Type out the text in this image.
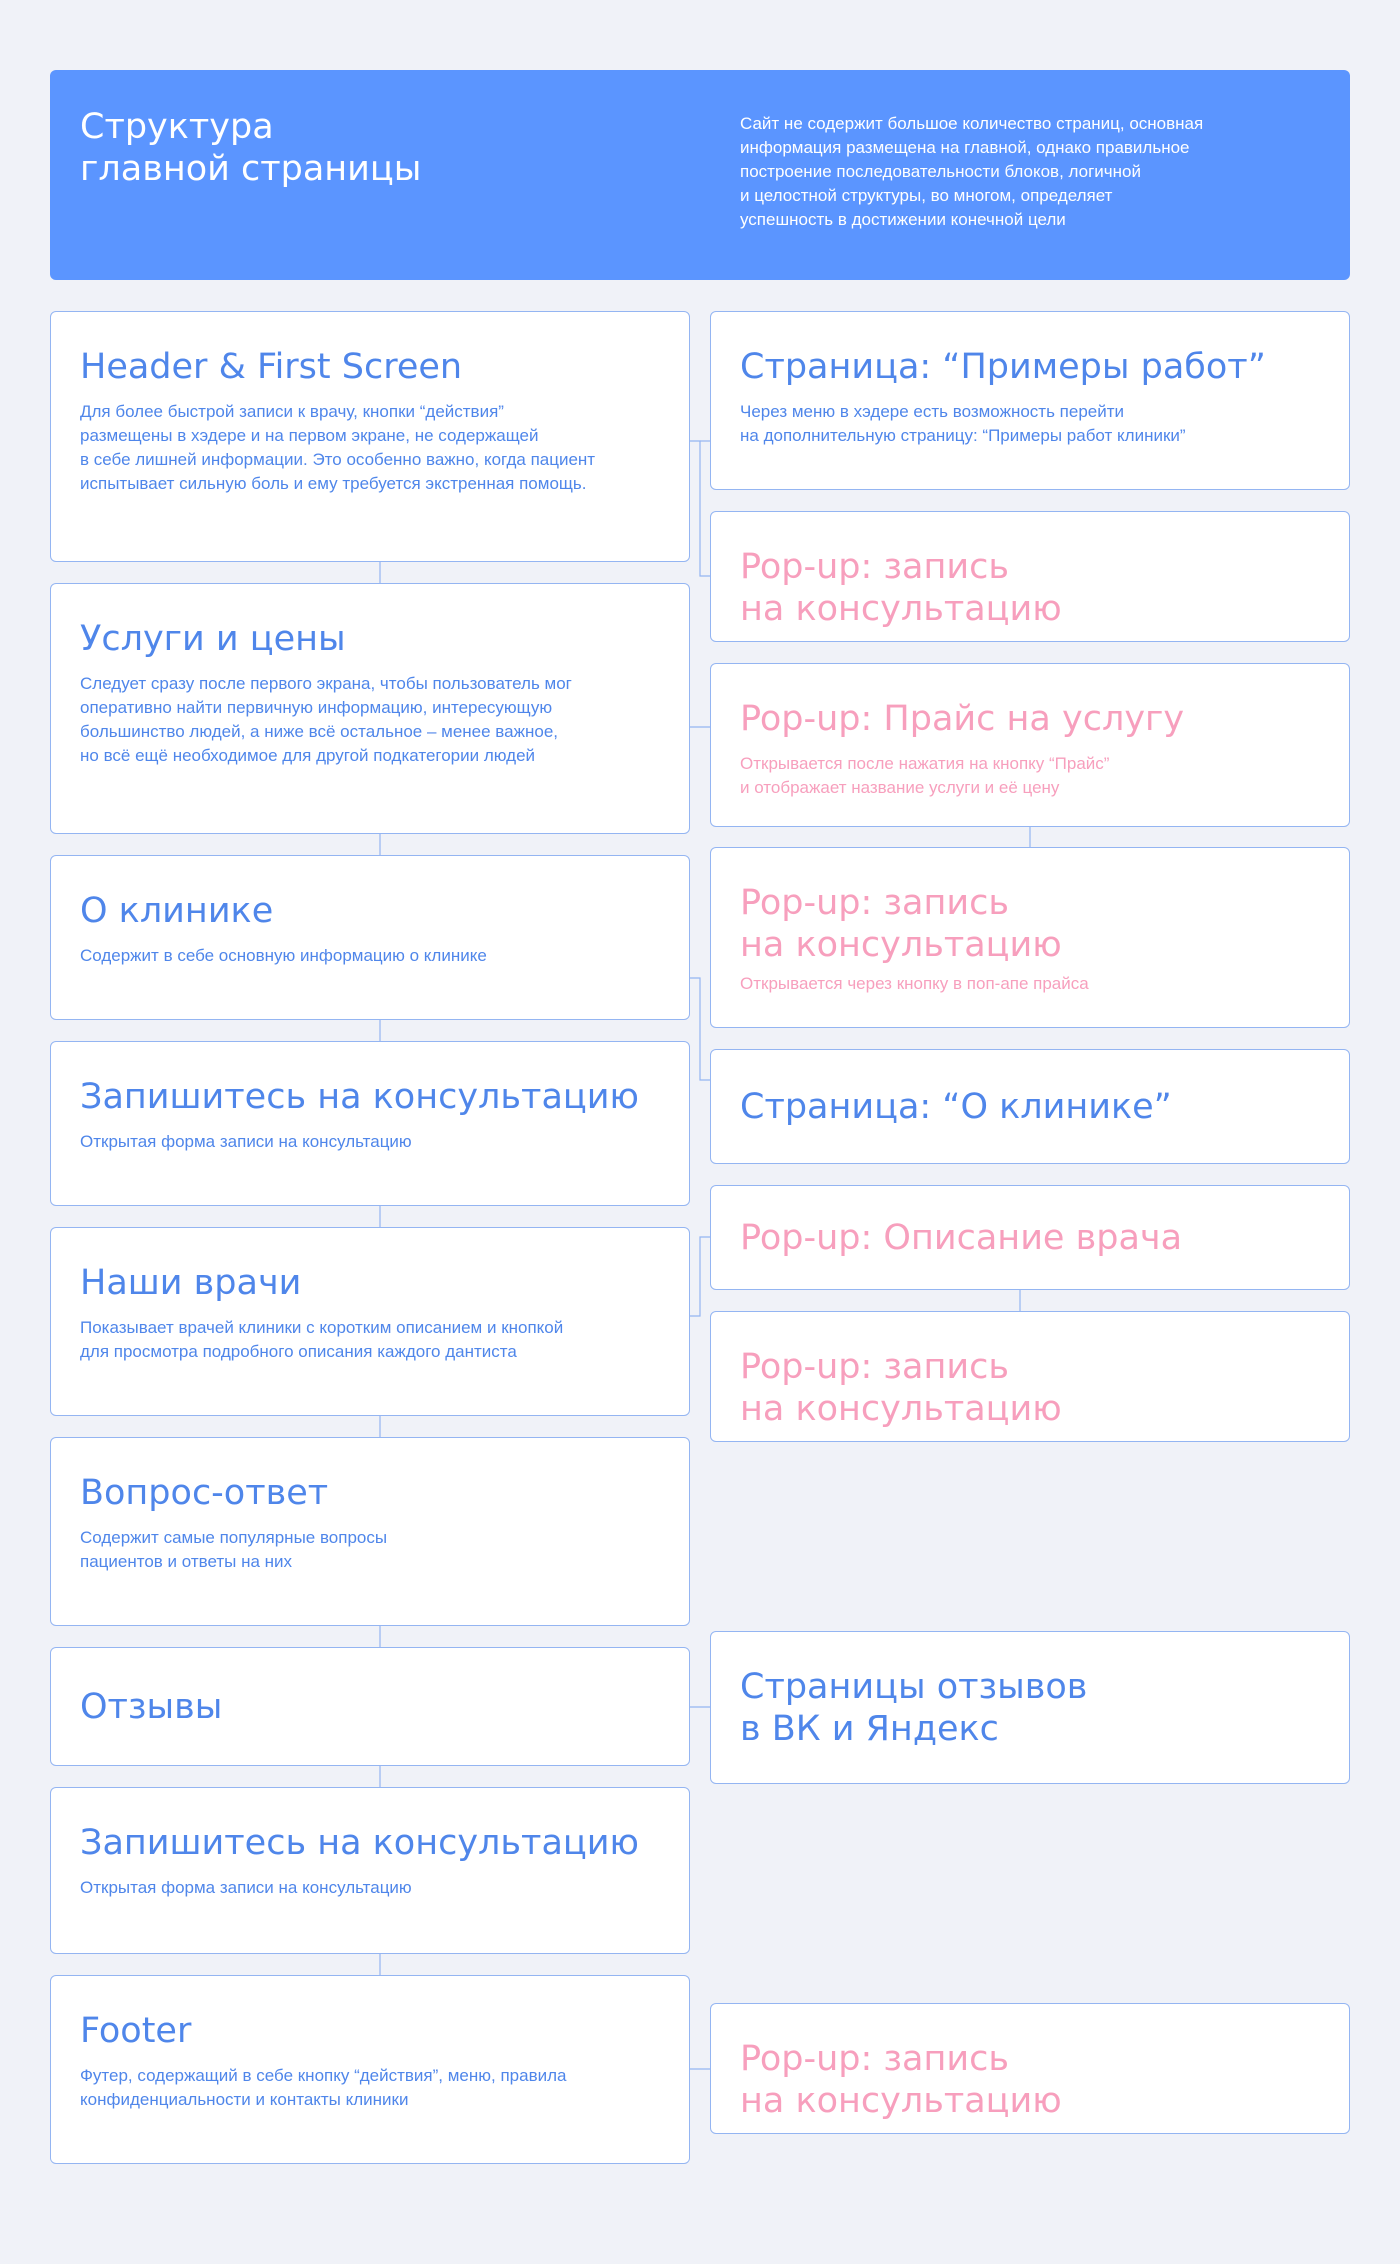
Структура
главной страницы
Сайт не содержит большое количество страниц, основная
информация размещена на главной, однако правильное
построение последовательности блоков, логичной
и целостной структуры, во многом, определяет
успешность в достижении конечной цели
Header & First Screen
Для более быстрой записи к врачу, кнопки “действия”
размещены в хэдере и на первом экране, не содержащей
в себе лишней информации. Это особенно важно, когда пациент
испытывает сильную боль и ему требуется экстренная помощь.
Услуги и цены
Следует сразу после первого экрана, чтобы пользователь мог
оперативно найти первичную информацию, интересующую
большинство людей, а ниже всё остальное – менее важное,
но всё ещё необходимое для другой подкатегории людей
О клинике
Содержит в себе основную информацию о клинике
Запишитесь на консультацию
Открытая форма записи на консультацию
Наши врачи
Показывает врачей клиники с коротким описанием и кнопкой
для просмотра подробного описания каждого дантиста
Вопрос-ответ
Содержит самые популярные вопросы
пациентов и ответы на них
Отзывы
Запишитесь на консультацию
Открытая форма записи на консультацию
Footer
Футер, содержащий в себе кнопку “действия”, меню, правила
конфиденциальности и контакты клиники
Страница: “Примеры работ”
Через меню в хэдере есть возможность перейти
на дополнительную страницу: “Примеры работ клиники”
Pop-up: запись
на консультацию
Pop-up: Прайс на услугу
Открывается после нажатия на кнопку “Прайс”
и отображает название услуги и её цену
Pop-up: запись
на консультацию
Открывается через кнопку в поп-апе прайса
Страница: “О клинике”
Pop-up: Описание врача
Pop-up: запись
на консультацию
Страницы отзывов
в ВК и Яндекс
Pop-up: запись
на консультацию
